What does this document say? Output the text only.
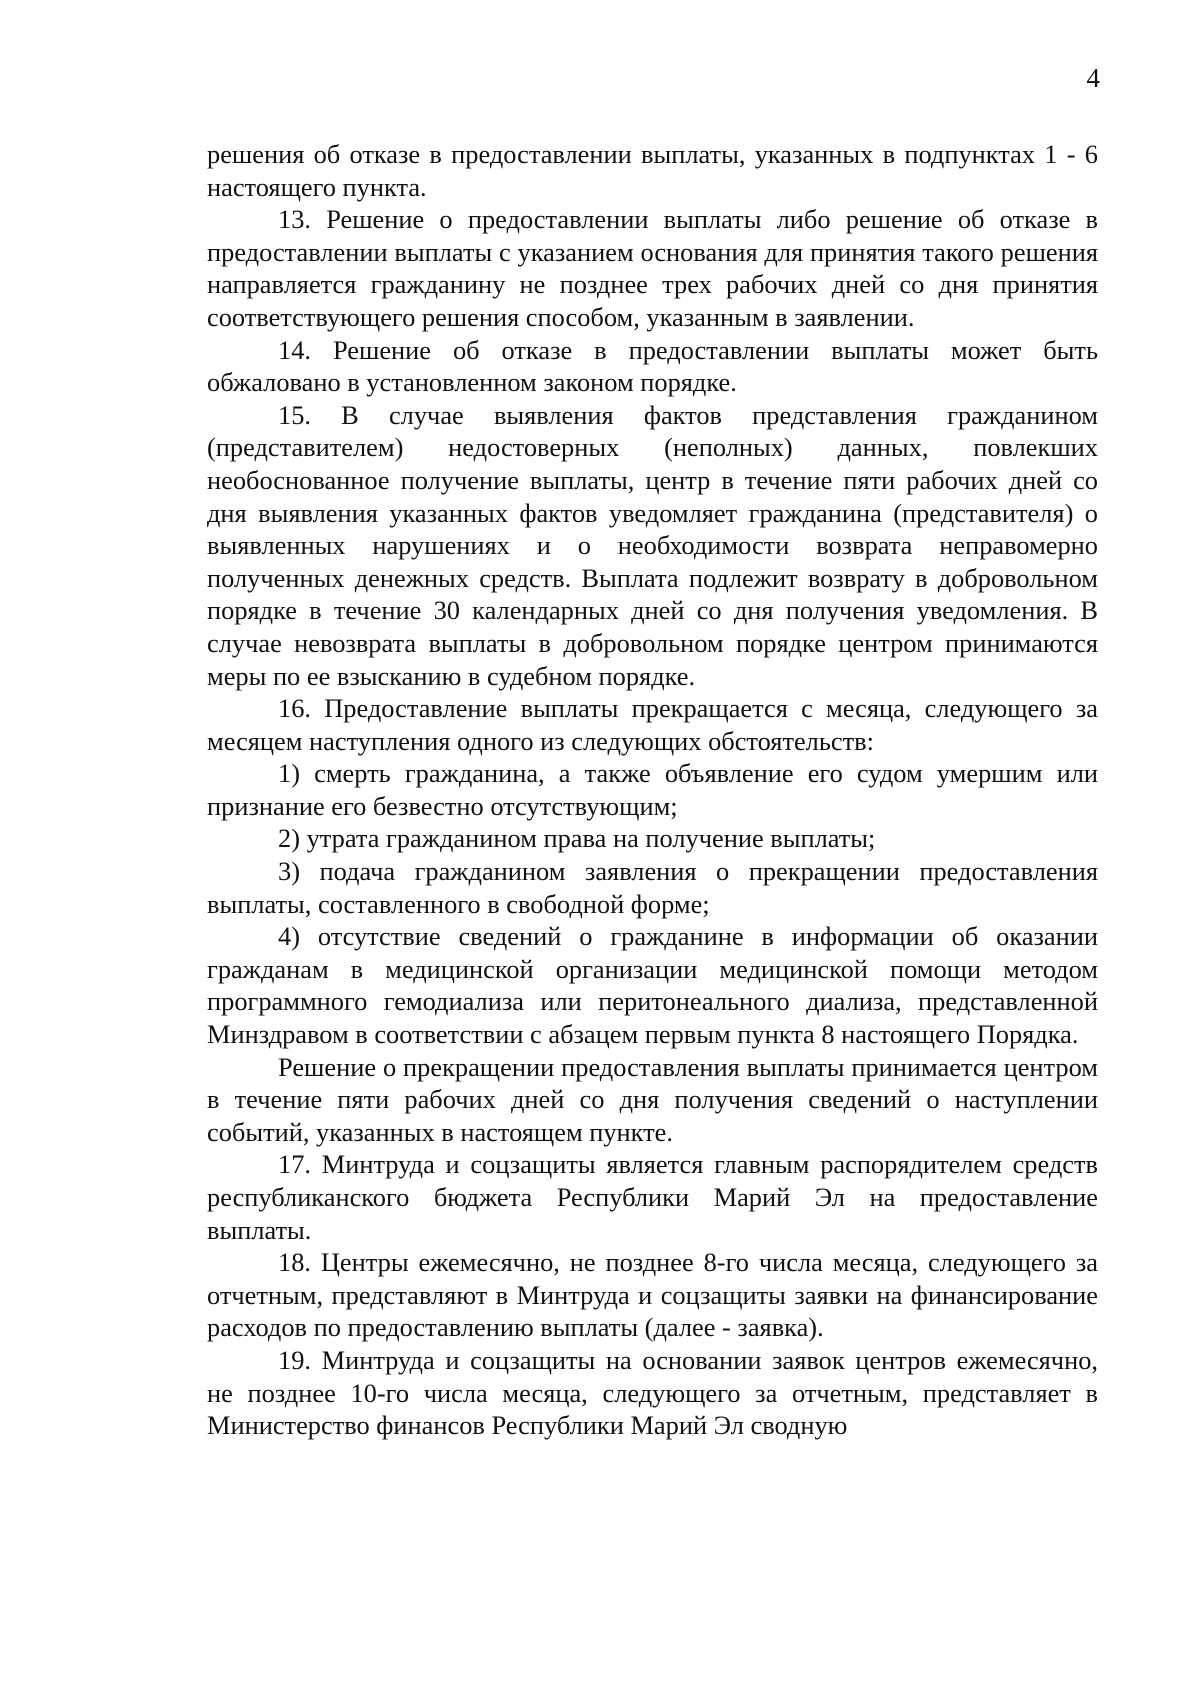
4

решения об отказе в предоставлении выплаты, указанных в подпунктах 1 - 6 настоящего пункта.

13. Решение о предоставлении выплаты либо решение об отказе в предоставлении выплаты с указанием основания для принятия такого решения направляется гражданину не позднее трех рабочих дней со дня принятия соответствующего решения способом, указанным в заявлении.

14. Решение об отказе в предоставлении выплаты может быть обжаловано в установленном законом порядке.

15. В случае выявления фактов представления гражданином (представителем) недостоверных (неполных) данных, повлекших необоснованное получение выплаты, центр в течение пяти рабочих дней со дня выявления указанных фактов уведомляет гражданина (представителя) о выявленных нарушениях и о необходимости возврата неправомерно полученных денежных средств. Выплата подлежит возврату в добровольном порядке в течение 30 календарных дней со дня получения уведомления. В случае невозврата выплаты в добровольном порядке центром принимаются меры по ее взысканию в судебном порядке.

16. Предоставление выплаты прекращается с месяца, следующего за месяцем наступления одного из следующих обстоятельств:

1) смерть гражданина, а также объявление его судом умершим или признание его безвестно отсутствующим;

2) утрата гражданином права на получение выплаты;

3) подача гражданином заявления о прекращении предоставления выплаты, составленного в свободной форме;

4) отсутствие сведений о гражданине в информации об оказании гражданам в медицинской организации медицинской помощи методом программного гемодиализа или перитонеального диализа, представленной Минздравом в соответствии с абзацем первым пункта 8 настоящего Порядка.

Решение о прекращении предоставления выплаты принимается центром в течение пяти рабочих дней со дня получения сведений о наступлении событий, указанных в настоящем пункте.

17. Минтруда и соцзащиты является главным распорядителем средств республиканского бюджета Республики Марий Эл на предоставление выплаты.

18. Центры ежемесячно, не позднее 8-го числа месяца, следующего за отчетным, представляют в Минтруда и соцзащиты заявки на финансирование расходов по предоставлению выплаты (далее - заявка).

19. Минтруда и соцзащиты на основании заявок центров ежемесячно, не позднее 10-го числа месяца, следующего за отчетным, представляет в Министерство финансов Республики Марий Эл сводную
